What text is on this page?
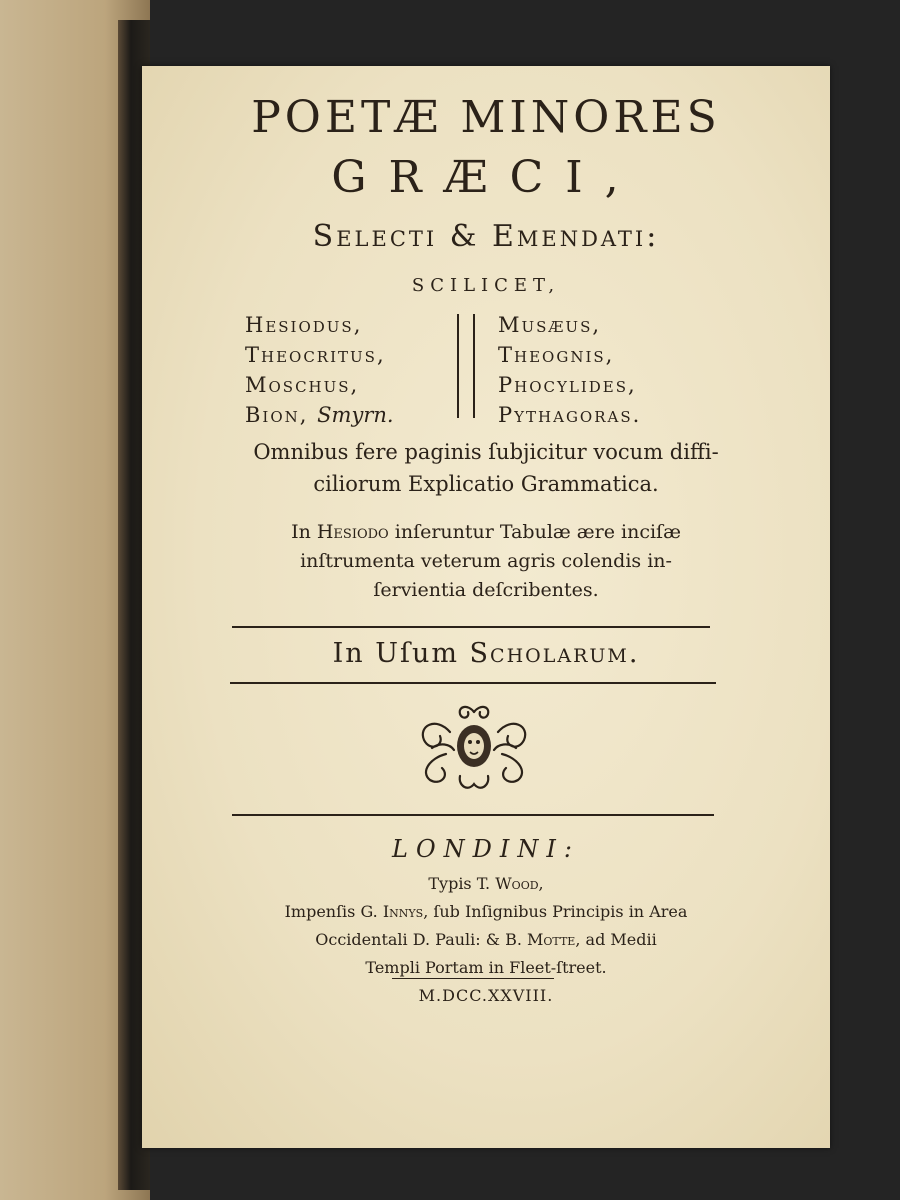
POETÆ MINORES
GRÆCI,
Selecti & Emendati:
SCILICET,
Hesiodus,
Theocritus,
Moschus,
Bion, Smyrn.
Musæus,
Theognis,
Phocylides,
Pythagoras.
Omnibus fere paginis ſubjicitur vocum diffi-
ciliorum Explicatio Grammatica.
In Hesiodo inſeruntur Tabulæ ære inciſæ
inſtrumenta veterum agris colendis in-
ſervientia deſcribentes.
In Uſum Scholarum.
LONDINI:
Typis T. Wood,
Impenſis G. Innys, ſub Inſignibus Principis in Area
Occidentali D. Pauli: & B. Motte, ad Medii
Templi Portam in Fleet-ſtreet.
M.DCC.XXVIII.
